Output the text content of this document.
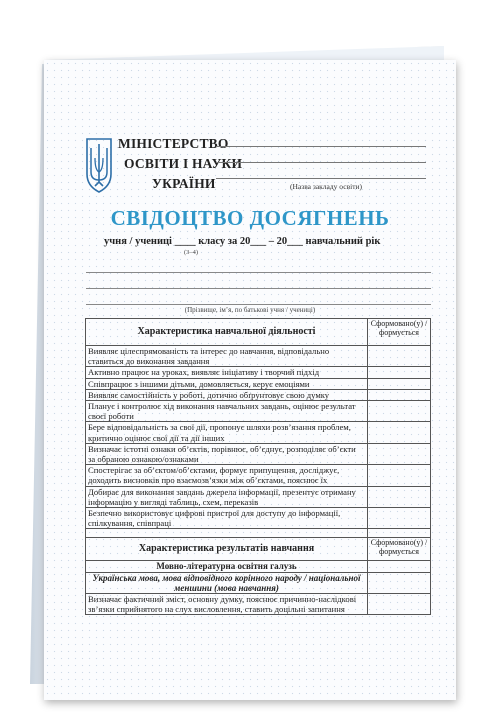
МІНІСТЕРСТВО
ОСВІТИ І НАУКИ
УКРАЇНИ	(Назва закладу освіти)
СВІДОЦТВО ДОСЯГНЕНЬ
учня / учениці ____ класу за 20___ – 20___ навчальний рік
(3–4)
(Прізвище, ім’я, по батькові учня / учениці)
Характеристика навчальної діяльності	Сформовано(у) / формується
Виявляє цілеспрямованість та інтерес до навчання, відповідально ставиться до виконання завдання	
Активно працює на уроках, виявляє ініціативу і творчий підхід	
Співпрацює з іншими дітьми, домовляється, керує емоціями	
Виявляє самостійність у роботі, дотично обґрунтовує свою думку	
Планує і контролює хід виконання навчальних завдань, оцінює результат своєї роботи	
Бере відповідальність за свої дії, пропонує шляхи розв’язання проблем, критично оцінює свої дії та дії інших	
Визначає істотні ознаки об’єктів, порівнює, об’єднує, розподіляє об’єкти за обраною ознакою/ознаками	
Спостерігає за об’єктом/об’єктами, формує припущення, досліджує, доходить висновків про взаємозв’язки між об’єктами, пояснює їх	
Добирає для виконання завдань джерела інформації, презентує отриману інформацію у вигляді таблиць, схем, переказів	
Безпечно використовує цифрові пристрої для доступу до інформації, спілкування, співпраці	

Характеристика результатів навчання	Сформовано(у) / формується
Мовно-літературна освітня галузь	
Українська мова, мова відповідного корінного народу / національної меншини (мова навчання)	
Визначає фактичний зміст, основну думку, пояснює причинно-наслідкові зв’язки сприйнятого на слух висловлення, ставить доцільні запитання	
